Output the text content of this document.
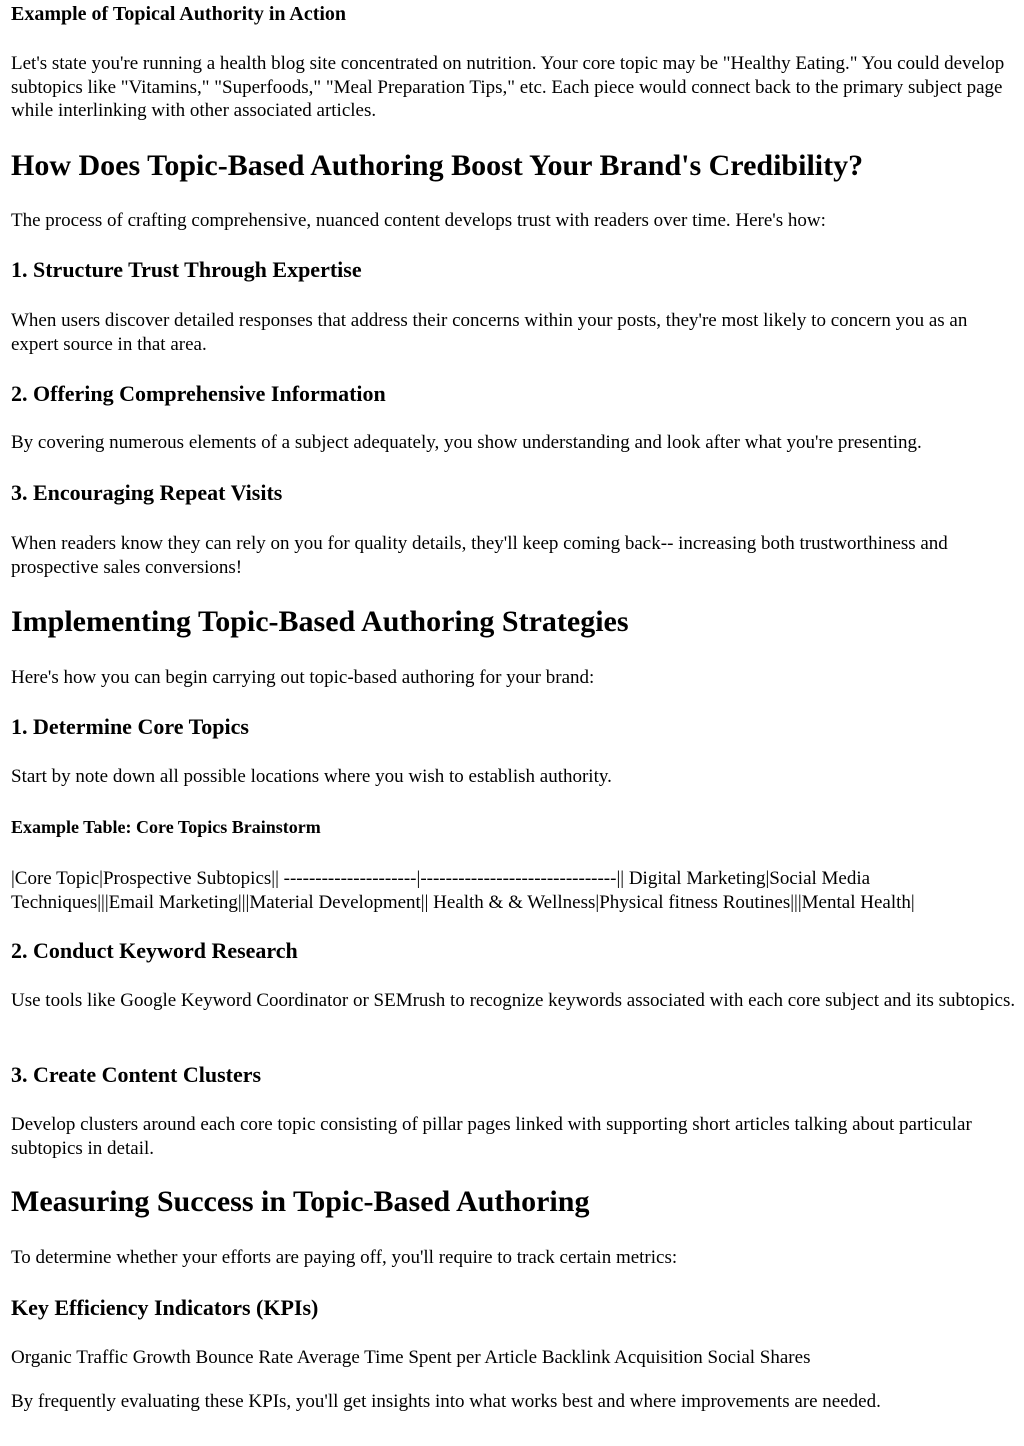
Example of Topical Authority in Action

Let's state you're running a health blog site concentrated on nutrition. Your core topic may be "Healthy Eating." You could develop subtopics like "Vitamins," "Superfoods," "Meal Preparation Tips," etc. Each piece would connect back to the primary subject page while interlinking with other associated articles.

How Does Topic-Based Authoring Boost Your Brand's Credibility?

The process of crafting comprehensive, nuanced content develops trust with readers over time. Here's how:

1. Structure Trust Through Expertise

When users discover detailed responses that address their concerns within your posts, they're most likely to concern you as an expert source in that area.

2. Offering Comprehensive Information

By covering numerous elements of a subject adequately, you show understanding and look after what you're presenting.

3. Encouraging Repeat Visits

When readers know they can rely on you for quality details, they'll keep coming back-- increasing both trustworthiness and prospective sales conversions!

Implementing Topic-Based Authoring Strategies

Here's how you can begin carrying out topic-based authoring for your brand:

1. Determine Core Topics

Start by note down all possible locations where you wish to establish authority.

Example Table: Core Topics Brainstorm

|Core Topic|Prospective Subtopics|| ---------------------|-------------------------------|| Digital Marketing|Social Media Techniques|||Email Marketing|||Material Development|| Health & & Wellness|Physical fitness Routines|||Mental Health|

2. Conduct Keyword Research

Use tools like Google Keyword Coordinator or SEMrush to recognize keywords associated with each core subject and its subtopics.

3. Create Content Clusters

Develop clusters around each core topic consisting of pillar pages linked with supporting short articles talking about particular subtopics in detail.

Measuring Success in Topic-Based Authoring

To determine whether your efforts are paying off, you'll require to track certain metrics:

Key Efficiency Indicators (KPIs)

Organic Traffic Growth Bounce Rate Average Time Spent per Article Backlink Acquisition Social Shares

By frequently evaluating these KPIs, you'll get insights into what works best and where improvements are needed.
